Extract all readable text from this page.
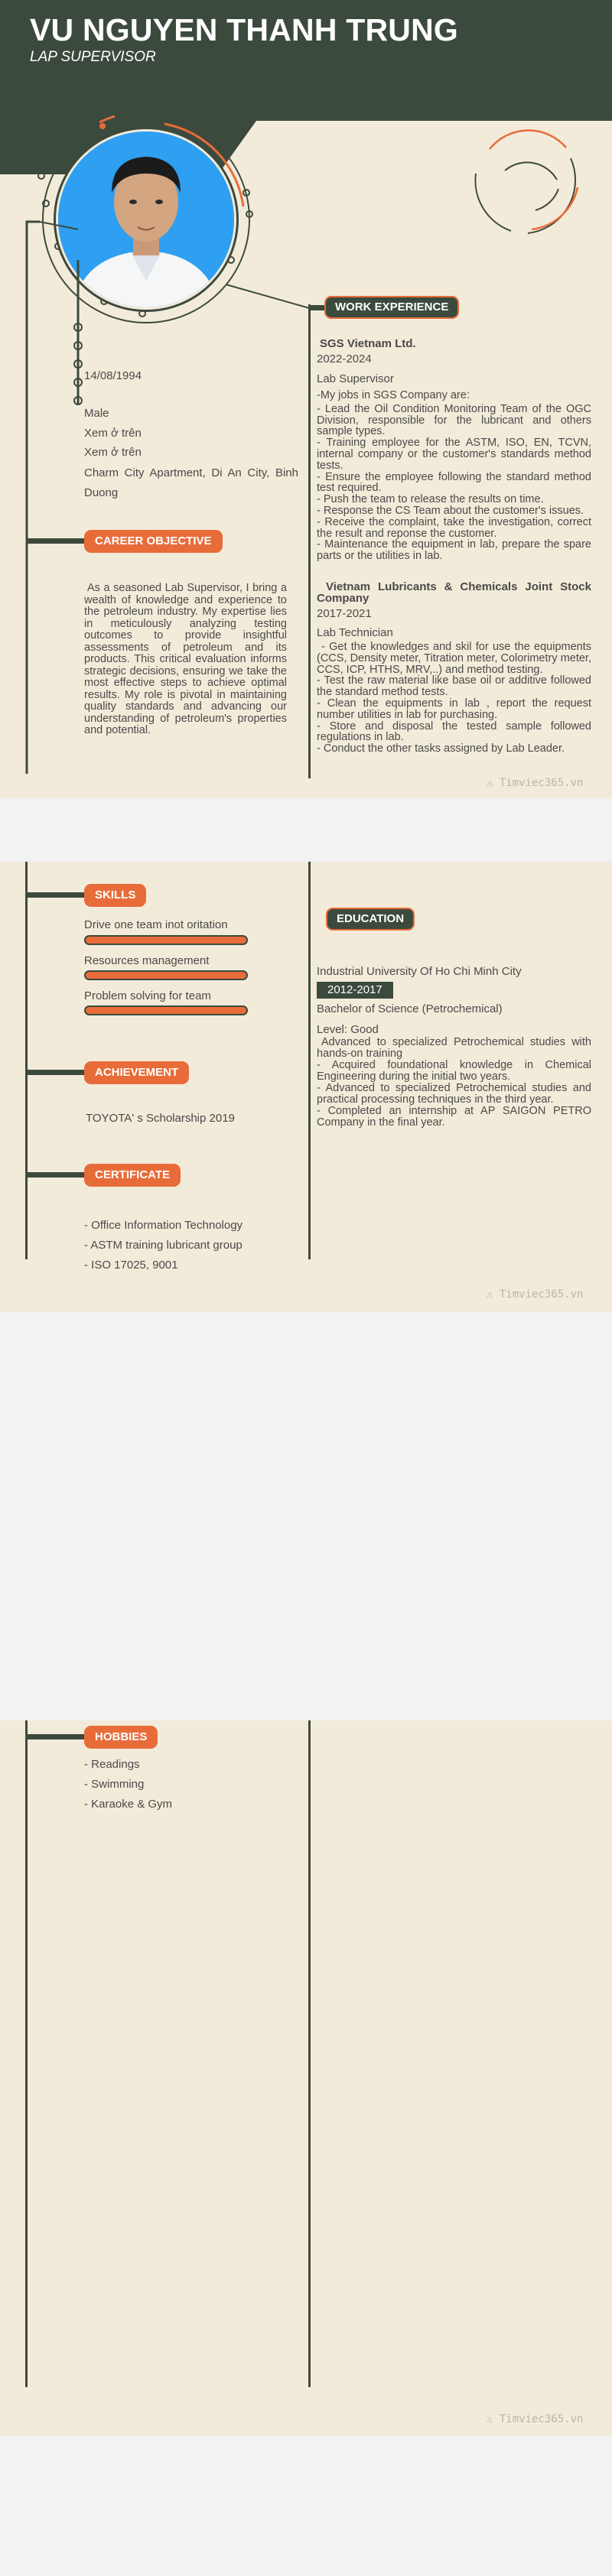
VU NGUYEN THANH TRUNG
LAP SUPERVISOR
14/08/1994
Male
Xem ở trên
Xem ở trên
Charm City Apartment, Di An City, Binh Duong
CAREER OBJECTIVE
As a seasoned Lab Supervisor, I bring a wealth of knowledge and experience to the petroleum industry. My expertise lies in meticulously analyzing testing outcomes to provide insightful assessments of petroleum and its products. This critical evaluation informs strategic decisions, ensuring we take the most effective steps to achieve optimal results. My role is pivotal in maintaining quality standards and advancing our understanding of petroleum's properties and potential.
WORK EXPERIENCE
SGS Vietnam Ltd.
2022-2024
Lab Supervisor
-My jobs in SGS Company are:
- Lead the Oil Condition Monitoring Team of the OGC Division, responsible for the lubricant and others sample types.
- Training employee for the ASTM, ISO, EN, TCVN, internal company or the customer's standards method tests.
- Ensure the employee following the standard method test required.
- Push the team to release the results on time.
- Response the CS Team about the customer's issues.
- Receive the complaint, take the investigation, correct the result and reponse the customer.
- Maintenance the equipment in lab, prepare the spare parts or the utilities in lab.
Vietnam Lubricants & Chemicals Joint Stock Company
2017-2021
Lab Technician
- Get the knowledges and skil for use the equipments (CCS, Density meter, Titration meter, Colorimetry meter, CCS, ICP, HTHS, MRV,..) and method testing.
- Test the raw material like base oil or additive followed the standard method tests.
- Clean the equipments in lab , report the request number utilities in lab for purchasing.
- Store and disposal the tested sample followed regulations in lab.
- Conduct the other tasks assigned by Lab Leader.
⚠ Timviec365.vn
SKILLS
Drive one team inot oritation
Resources management
Problem solving for team
ACHIEVEMENT
TOYOTA' s Scholarship 2019
CERTIFICATE
- Office Information Technology
- ASTM training lubricant group
- ISO 17025, 9001
EDUCATION
Industrial University Of Ho Chi Minh City
2012-2017
Bachelor of Science (Petrochemical)
Level: Good
Advanced to specialized Petrochemical studies with hands-on training
- Acquired foundational knowledge in Chemical Engineering during the initial two years.
- Advanced to specialized Petrochemical studies and practical processing techniques in the third year.
- Completed an internship at AP SAIGON PETRO Company in the final year.
⚠ Timviec365.vn
HOBBIES
- Readings
- Swimming
- Karaoke & Gym
⚠ Timviec365.vn
